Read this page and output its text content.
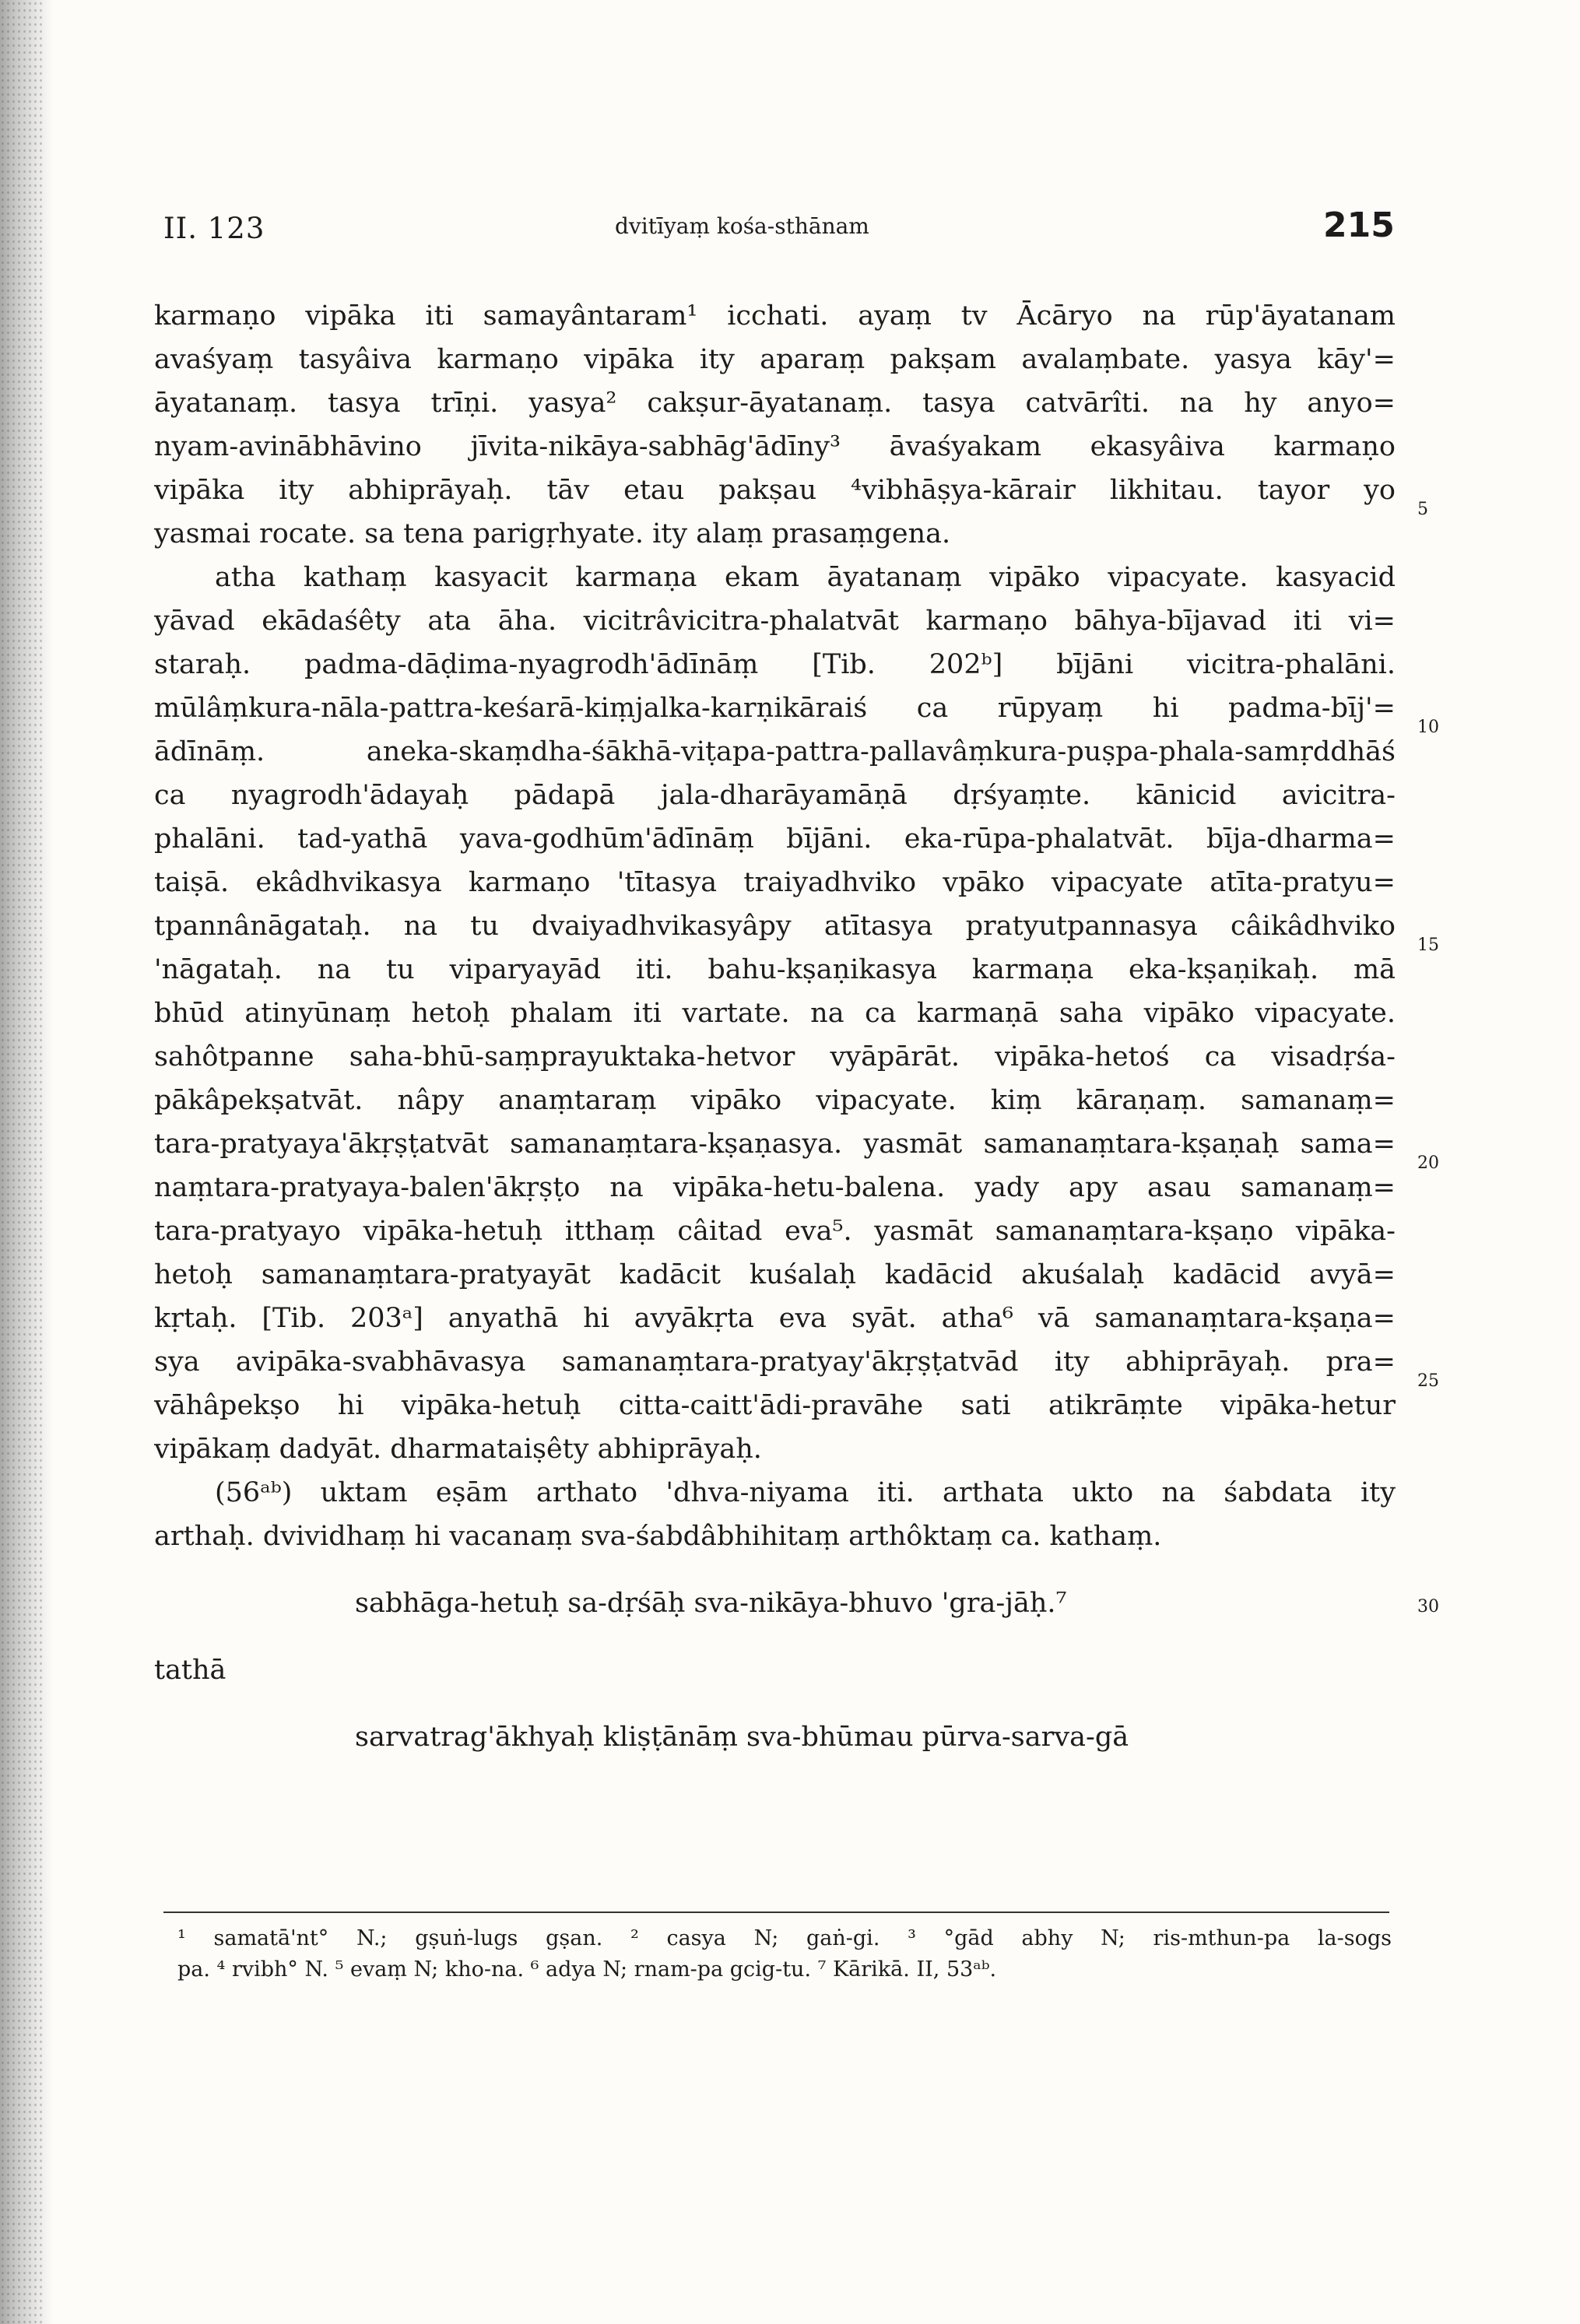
II. 123	dvitīyaṃ kośa-sthānam	215
karmaṇo vipāka iti samayântaram¹ icchati. ayaṃ tv Ācāryo na rūp'āyatanam
avaśyaṃ tasyâiva karmaṇo vipāka ity aparaṃ pakṣam avalaṃbate. yasya kāy'=
āyatanaṃ. tasya trīṇi. yasya² cakṣur-āyatanaṃ. tasya catvārîti. na hy anyo=
nyam-avinābhāvino jīvita-nikāya-sabhāg'ādīny³ āvaśyakam ekasyâiva karmaṇo
vipāka ity abhiprāyaḥ. tāv etau pakṣau ⁴vibhāṣya-kārair likhitau. tayor yo
yasmai rocate. sa tena parigṛhyate. ity alaṃ prasaṃgena.
atha kathaṃ kasyacit karmaṇa ekam āyatanaṃ vipāko vipacyate. kasyacid
yāvad ekādaśêty ata āha. vicitrâvicitra-phalatvāt karmaṇo bāhya-bījavad iti vi=
staraḥ. padma-dāḍima-nyagrodh'ādīnāṃ [Tib. 202ᵇ] bījāni vicitra-phalāni.
mūlâṃkura-nāla-pattra-keśarā-kiṃjalka-karṇikāraiś ca rūpyaṃ hi padma-bīj'=
ādīnāṃ. aneka-skaṃdha-śākhā-viṭapa-pattra-pallavâṃkura-puṣpa-phala-samṛddhāś
ca nyagrodh'ādayaḥ pādapā jala-dharāyamāṇā dṛśyaṃte. kānicid avicitra-
phalāni. tad-yathā yava-godhūm'ādīnāṃ bījāni. eka-rūpa-phalatvāt. bīja-dharma=
taiṣā. ekâdhvikasya karmaṇo 'tītasya traiyadhviko vpāko vipacyate atīta-pratyu=
tpannânāgataḥ. na tu dvaiyadhvikasyâpy atītasya pratyutpannasya câikâdhviko
'nāgataḥ. na tu viparyayād iti. bahu-kṣaṇikasya karmaṇa eka-kṣaṇikaḥ. mā
bhūd atinyūnaṃ hetoḥ phalam iti vartate. na ca karmaṇā saha vipāko vipacyate.
sahôtpanne saha-bhū-saṃprayuktaka-hetvor vyāpārāt. vipāka-hetoś ca visadṛśa-
pākâpekṣatvāt. nâpy anaṃtaraṃ vipāko vipacyate. kiṃ kāraṇaṃ. samanaṃ=
tara-pratyaya'ākṛṣṭatvāt samanaṃtara-kṣaṇasya. yasmāt samanaṃtara-kṣaṇaḥ sama=
naṃtara-pratyaya-balen'ākṛṣṭo na vipāka-hetu-balena. yady apy asau samanaṃ=
tara-pratyayo vipāka-hetuḥ itthaṃ câitad eva⁵. yasmāt samanaṃtara-kṣaṇo vipāka-
hetoḥ samanaṃtara-pratyayāt kadācit kuśalaḥ kadācid akuśalaḥ kadācid avyā=
kṛtaḥ. [Tib. 203ᵃ] anyathā hi avyākṛta eva syāt. atha⁶ vā samanaṃtara-kṣaṇa=
sya avipāka-svabhāvasya samanaṃtara-pratyay'ākṛṣṭatvād ity abhiprāyaḥ. pra=
vāhâpekṣo hi vipāka-hetuḥ citta-caitt'ādi-pravāhe sati atikrāṃte vipāka-hetur
vipākaṃ dadyāt. dharmataiṣêty abhiprāyaḥ.
(56ᵃᵇ) uktam eṣām arthato 'dhva-niyama iti. arthata ukto na śabdata ity
arthaḥ. dvividhaṃ hi vacanaṃ sva-śabdâbhihitaṃ arthôktaṃ ca. kathaṃ.
sabhāga-hetuḥ sa-dṛśāḥ sva-nikāya-bhuvo 'gra-jāḥ.⁷
tathā
sarvatrag'ākhyaḥ kliṣṭānāṃ sva-bhūmau pūrva-sarva-gā
5
10
15
20
25
30
¹ samatā'nt° N.; gṣuṅ-lugs gṣan. ² casya N; gaṅ-gi. ³ °gād abhy N; ris-mthun-pa la-sogs
pa. ⁴ rvibh° N. ⁵ evaṃ N; kho-na. ⁶ adya N; rnam-pa gcig-tu. ⁷ Kārikā. II, 53ᵃᵇ.
